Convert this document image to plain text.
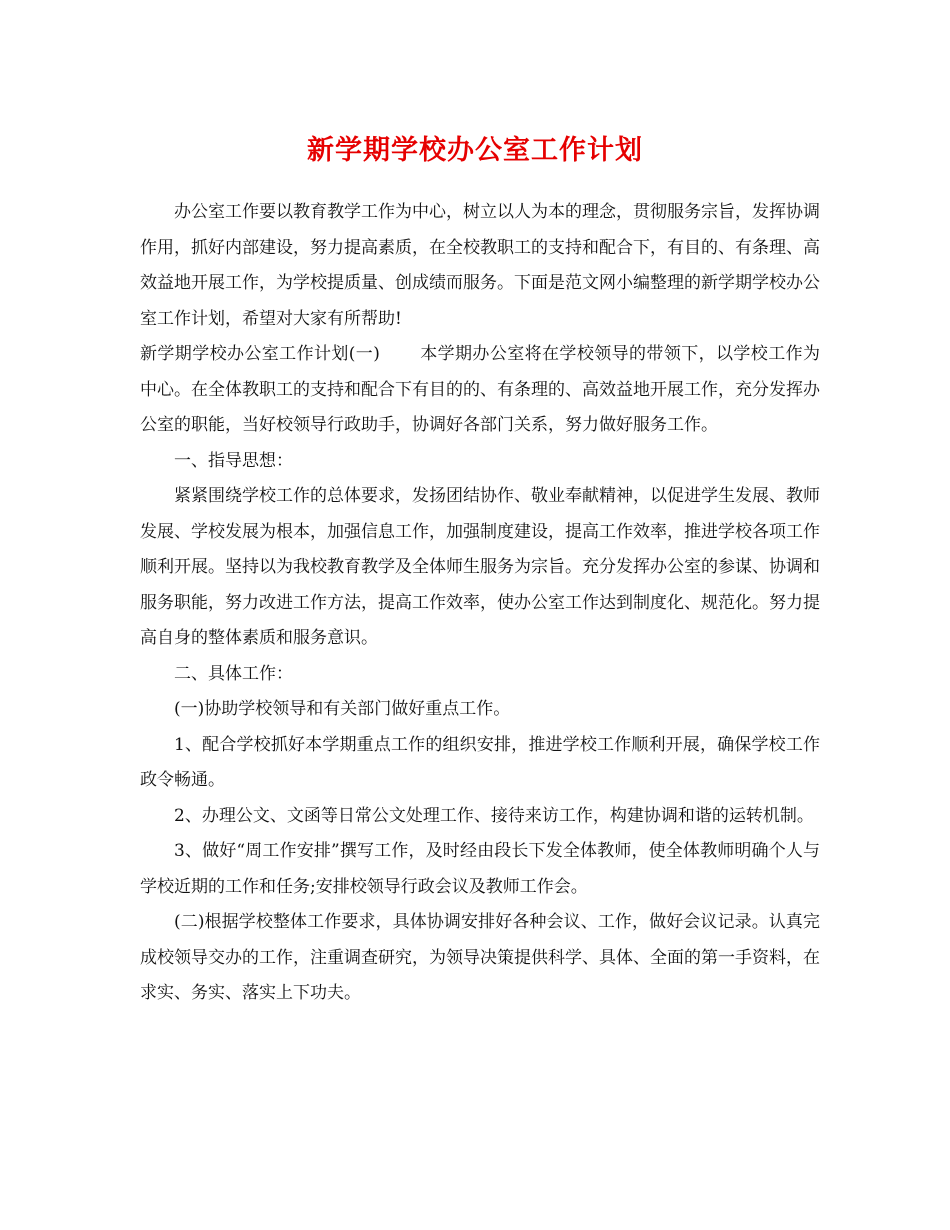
新学期学校办公室工作计划

办公室工作要以教育教学工作为中心，树立以人为本的理念，贯彻服务宗旨，发挥协调作用，抓好内部建设，努力提高素质，在全校教职工的支持和配合下，有目的、有条理、高效益地开展工作，为学校提质量、创成绩而服务。下面是范文网小编整理的新学期学校办公室工作计划，希望对大家有所帮助!

新学期学校办公室工作计划(一) 本学期办公室将在学校领导的带领下，以学校工作为中心。在全体教职工的支持和配合下有目的的、有条理的、高效益地开展工作，充分发挥办公室的职能，当好校领导行政助手，协调好各部门关系，努力做好服务工作。

一、指导思想：

紧紧围绕学校工作的总体要求，发扬团结协作、敬业奉献精神，以促进学生发展、教师发展、学校发展为根本，加强信息工作，加强制度建设，提高工作效率，推进学校各项工作顺利开展。坚持以为我校教育教学及全体师生服务为宗旨。充分发挥办公室的参谋、协调和服务职能，努力改进工作方法，提高工作效率，使办公室工作达到制度化、规范化。努力提高自身的整体素质和服务意识。

二、具体工作：

(一)协助学校领导和有关部门做好重点工作。

1、配合学校抓好本学期重点工作的组织安排，推进学校工作顺利开展，确保学校工作政令畅通。

2、办理公文、文函等日常公文处理工作、接待来访工作，构建协调和谐的运转机制。

3、做好“周工作安排”撰写工作，及时经由段长下发全体教师，使全体教师明确个人与学校近期的工作和任务;安排校领导行政会议及教师工作会。

(二)根据学校整体工作要求，具体协调安排好各种会议、工作，做好会议记录。认真完成校领导交办的工作，注重调查研究，为领导决策提供科学、具体、全面的第一手资料，在求实、务实、落实上下功夫。
